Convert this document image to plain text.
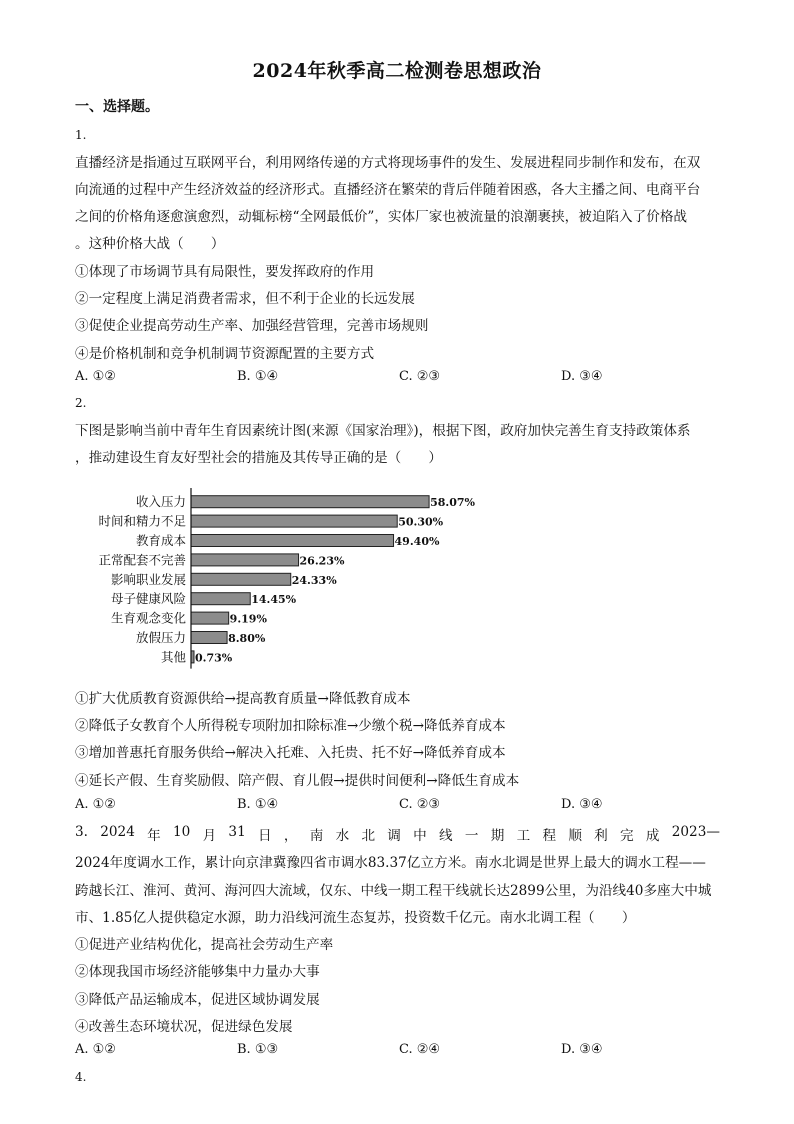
2024年秋季高二检测卷思想政治
一、选择题。
1.
直播经济是指通过互联网平台，利用网络传递的方式将现场事件的发生、发展进程同步制作和发布，在双
向流通的过程中产生经济效益的经济形式。直播经济在繁荣的背后伴随着困惑，各大主播之间、电商平台
之间的价格角逐愈演愈烈，动辄标榜“全网最低价”，实体厂家也被流量的浪潮裹挟，被迫陷入了价格战
。这种价格大战（　　）
①体现了市场调节具有局限性，要发挥政府的作用
②一定程度上满足消费者需求，但不利于企业的长远发展
③促使企业提高劳动生产率、加强经营管理，完善市场规则
④是价格机制和竞争机制调节资源配置的主要方式
A. ①②	B. ①④	C. ②③	D. ③④
2.
下图是影响当前中青年生育因素统计图(来源《国家治理》)，根据下图，政府加快完善生育支持政策体系
，推动建设生育友好型社会的措施及其传导正确的是（　　）
收入压力	58.07%
时间和精力不足	50.30%
教育成本	49.40%
正常配套不完善	26.23%
影响职业发展	24.33%
母子健康风险	14.45%
生育观念变化	9.19%
放假压力	8.80%
其他 0.73%
①扩大优质教育资源供给→提高教育质量→降低教育成本
②降低子女教育个人所得税专项附加扣除标准→少缴个税→降低养育成本
③增加普惠托育服务供给→解决入托难、入托贵、托不好→降低养育成本
④延长产假、生育奖励假、陪产假、育儿假→提供时间便利→降低生育成本
A. ①②	B. ①④	C. ②③	D. ③④
3. 2024 年 10 月 31 日 ， 南 水 北 调 中 线 一 期 工 程 顺 利 完 成 2023—
2024年度调水工作，累计向京津冀豫四省市调水83.37亿立方米。南水北调是世界上最大的调水工程——
跨越长江、淮河、黄河、海河四大流域，仅东、中线一期工程干线就长达2899公里，为沿线40多座大中城
市、1.85亿人提供稳定水源，助力沿线河流生态复苏，投资数千亿元。南水北调工程（　　）
①促进产业结构优化，提高社会劳动生产率
②体现我国市场经济能够集中力量办大事
③降低产品运输成本，促进区域协调发展
④改善生态环境状况，促进绿色发展
A. ①②	B. ①③	C. ②④	D. ③④
4.
